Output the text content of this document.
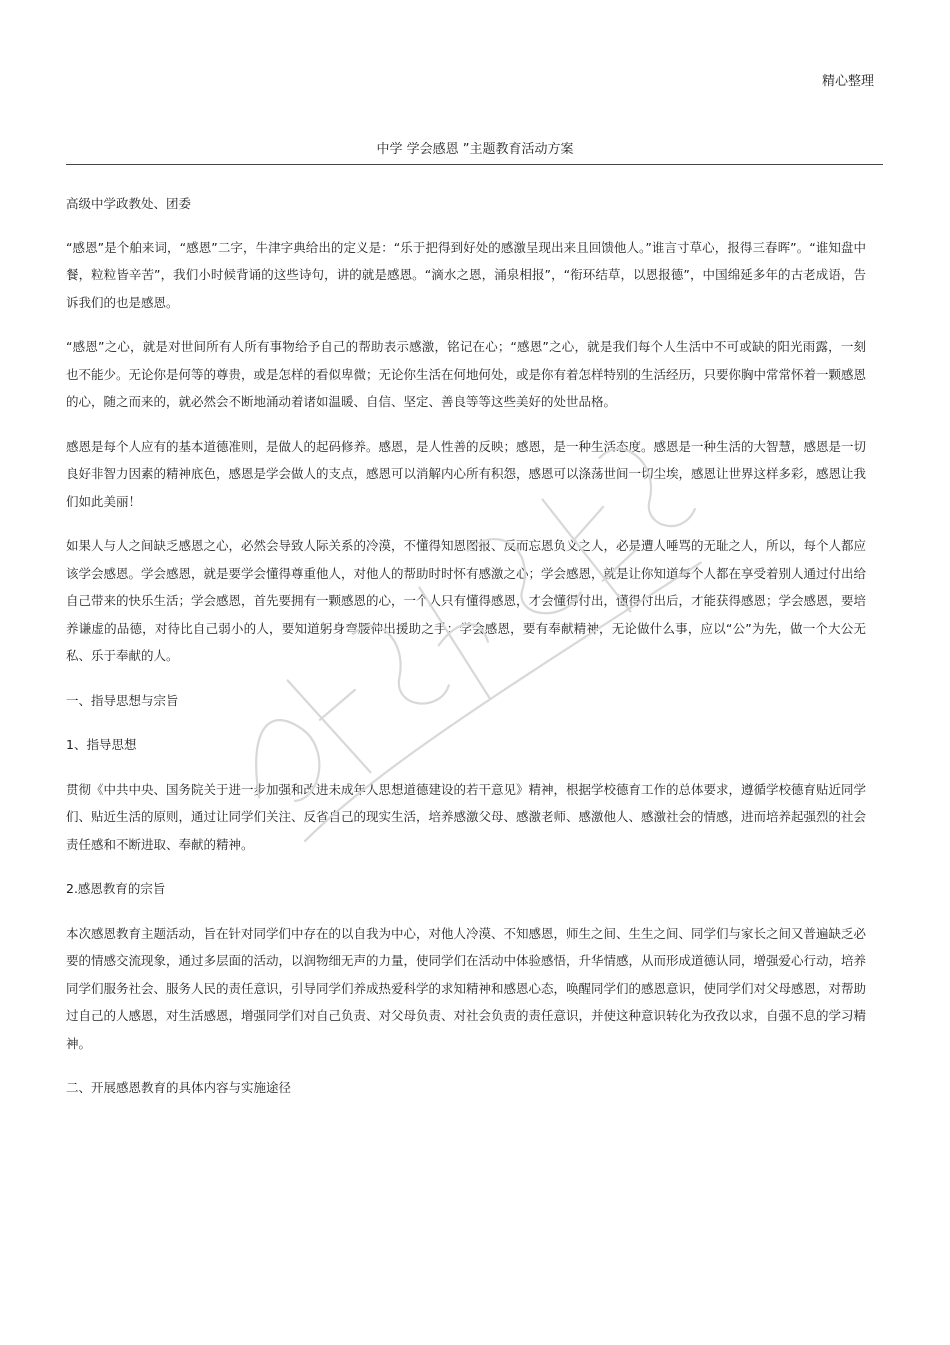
精心整理
中学 学会感恩 ”主题教育活动方案

高级中学政教处、团委

“感恩”是个舶来词，“感恩”二字，牛津字典给出的定义是：“乐于把得到好处的感激呈现出来且回馈他人。”谁言寸草心，报得三春晖”。“谁知盘中餐，粒粒皆辛苦”，我们小时候背诵的这些诗句，讲的就是感恩。“滴水之恩，涌泉相报”，“衔环结草，以恩报德”，中国绵延多年的古老成语，告诉我们的也是感恩。

“感恩”之心，就是对世间所有人所有事物给予自己的帮助表示感激，铭记在心；“感恩”之心，就是我们每个人生活中不可或缺的阳光雨露，一刻也不能少。无论你是何等的尊贵，或是怎样的看似卑微；无论你生活在何地何处，或是你有着怎样特别的生活经历，只要你胸中常常怀着一颗感恩的心，随之而来的，就必然会不断地涌动着诸如温暖、自信、坚定、善良等等这些美好的处世品格。

感恩是每个人应有的基本道德准则，是做人的起码修养。感恩，是人性善的反映；感恩，是一种生活态度。感恩是一种生活的大智慧，感恩是一切良好非智力因素的精神底色，感恩是学会做人的支点，感恩可以消解内心所有积怨，感恩可以涤荡世间一切尘埃，感恩让世界这样多彩，感恩让我们如此美丽！

如果人与人之间缺乏感恩之心，必然会导致人际关系的冷漠，不懂得知恩图报、反而忘恩负义之人，必是遭人唾骂的无耻之人，所以，每个人都应该学会感恩。学会感恩，就是要学会懂得尊重他人，对他人的帮助时时怀有感激之心；学会感恩，就是让你知道每个人都在享受着别人通过付出给自己带来的快乐生活；学会感恩，首先要拥有一颗感恩的心，一个人只有懂得感恩，才会懂得付出，懂得付出后，才能获得感恩；学会感恩，要培养谦虚的品德，对待比自己弱小的人，要知道躬身弯腰伸出援助之手；学会感恩，要有奉献精神，无论做什么事，应以“公”为先，做一个大公无私、乐于奉献的人。

一、指导思想与宗旨

1、指导思想

贯彻《中共中央、国务院关于进一步加强和改进未成年人思想道德建设的若干意见》精神，根据学校德育工作的总体要求，遵循学校德育贴近同学们、贴近生活的原则，通过让同学们关注、反省自己的现实生活，培养感激父母、感激老师、感激他人、感激社会的情感，进而培养起强烈的社会责任感和不断进取、奉献的精神。

2.感恩教育的宗旨

本次感恩教育主题活动，旨在针对同学们中存在的以自我为中心，对他人冷漠、不知感恩，师生之间、生生之间、同学们与家长之间又普遍缺乏必要的情感交流现象，通过多层面的活动，以润物细无声的力量，使同学们在活动中体验感悟，升华情感，从而形成道德认同，增强爱心行动，培养同学们服务社会、服务人民的责任意识，引导同学们养成热爱科学的求知精神和感恩心态，唤醒同学们的感恩意识，使同学们对父母感恩，对帮助过自己的人感恩，对生活感恩，增强同学们对自己负责、对父母负责、对社会负责的责任意识，并使这种意识转化为孜孜以求，自强不息的学习精神。

二、开展感恩教育的具体内容与实施途径
